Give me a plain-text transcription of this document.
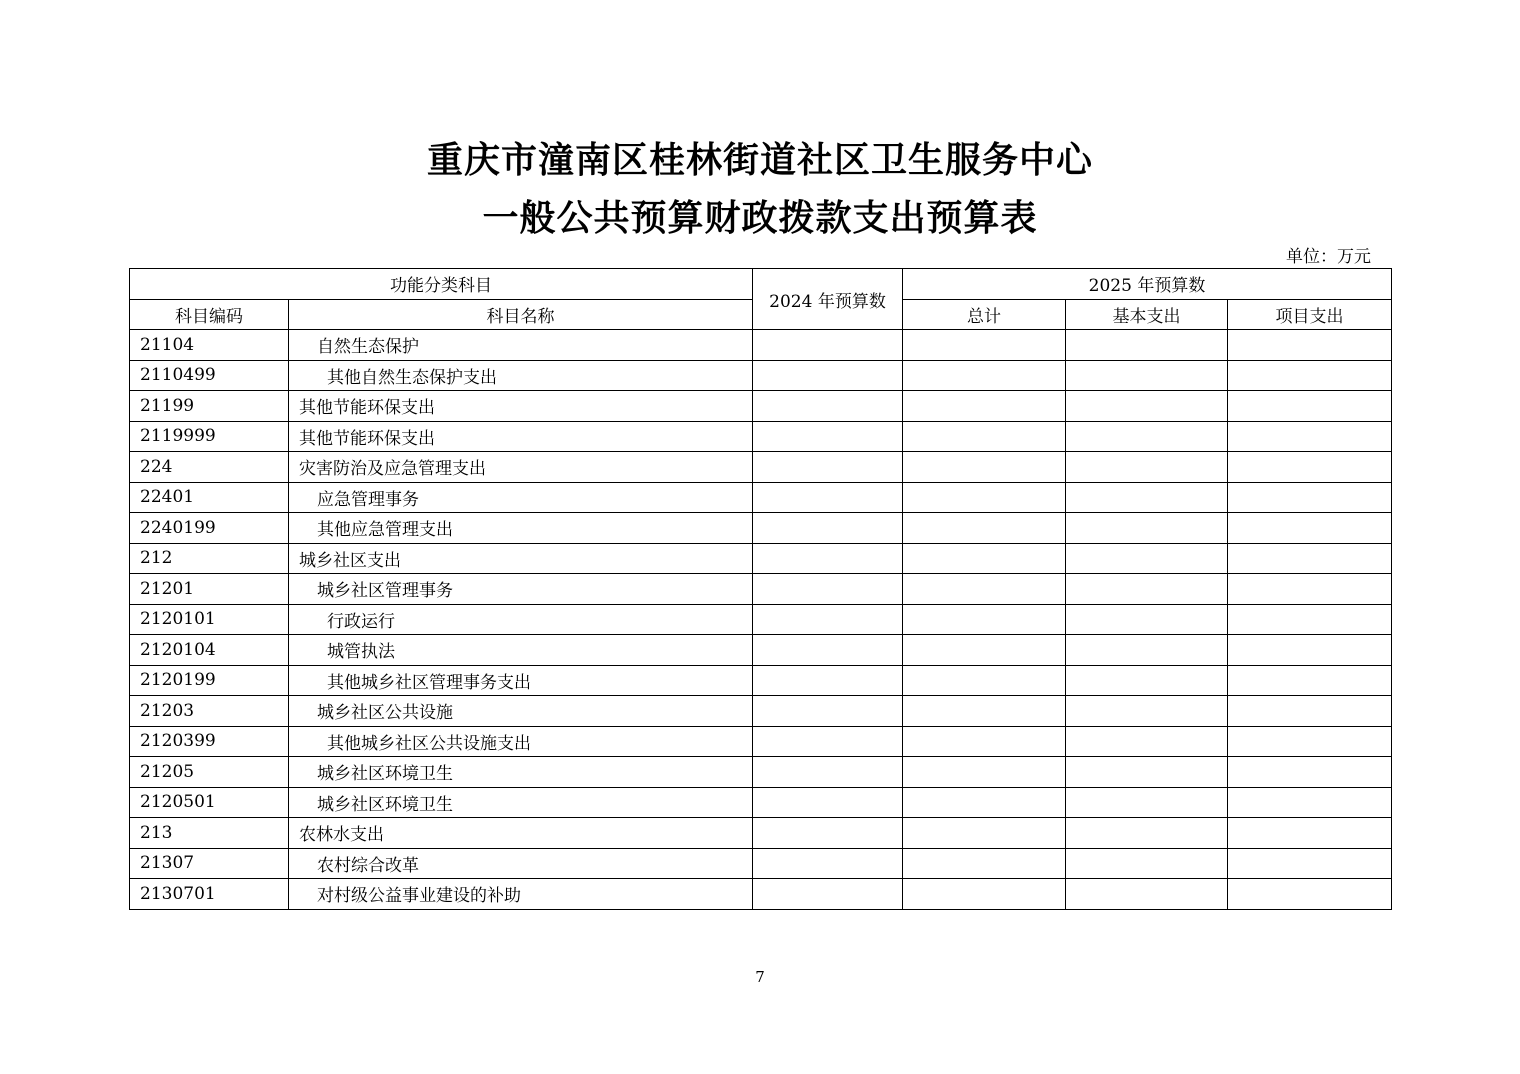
重庆市潼南区桂林街道社区卫生服务中心
一般公共预算财政拨款支出预算表
单位：万元
功能分类科目		2024 年预算数	2025 年预算数		
科目编码	科目名称		总计	基本支出	项目支出
21104	自然生态保护				
2110499	其他自然生态保护支出				
21199	其他节能环保支出				
2119999	其他节能环保支出				
224	灾害防治及应急管理支出				
22401	应急管理事务				
2240199	其他应急管理支出				
212	城乡社区支出				
21201	城乡社区管理事务				
2120101	行政运行				
2120104	城管执法				
2120199	其他城乡社区管理事务支出				
21203	城乡社区公共设施				
2120399	其他城乡社区公共设施支出				
21205	城乡社区环境卫生				
2120501	城乡社区环境卫生				
213	农林水支出				
21307	农村综合改革				
2130701	对村级公益事业建设的补助				
7
